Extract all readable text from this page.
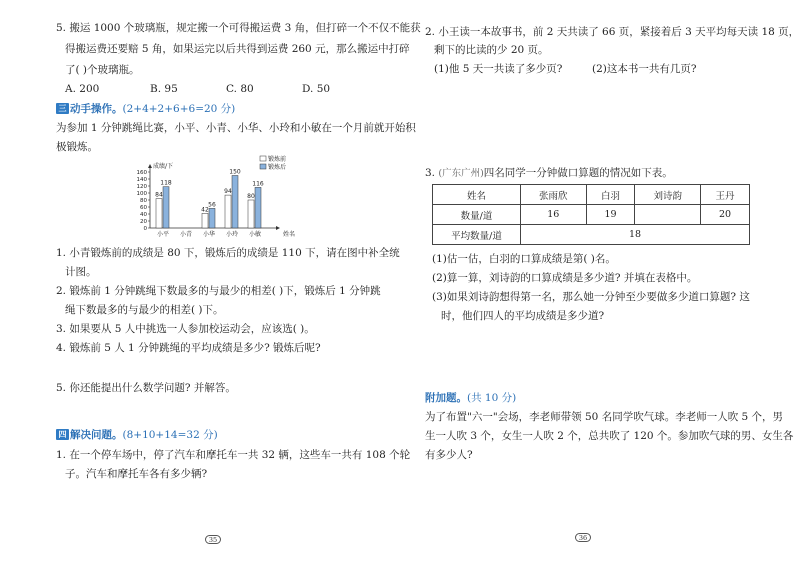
5. 搬运 1000 个玻璃瓶，规定搬一个可得搬运费 3 角，但打碎一个不仅不能获
得搬运费还要赔 5 角，如果运完以后共得到运费 260 元，那么搬运中打碎
了( )个玻璃瓶。
A. 200	B. 95	C. 80	D. 50
三 动手操作。 (2+4+2+6+6=20 分)
为参加 1 分钟跳绳比赛，小平、小青、小华、小玲和小敏在一个月前就开始积
极锻炼。
0
20
40
60
80
100
120
140
160
成绩/下
姓名
锻炼前
锻炼后
84
118
小平 小青
42
56
小华
94
150
小玲
80
116
小敏
1. 小青锻炼前的成绩是 80 下，锻炼后的成绩是 110 下，请在图中补全统
计图。
2. 锻炼前 1 分钟跳绳下数最多的与最少的相差( )下，锻炼后 1 分钟跳
绳下数最多的与最少的相差( )下。
3. 如果要从 5 人中挑选一人参加校运动会，应该选( )。
4. 锻炼前 5 人 1 分钟跳绳的平均成绩是多少? 锻炼后呢?
5. 你还能提出什么数学问题? 并解答。
四 解决问题。 (8+10+14=32 分)
1. 在一个停车场中，停了汽车和摩托车一共 32 辆，这些车一共有 108 个轮
子。汽车和摩托车各有多少辆?
35
2. 小王读一本故事书，前 2 天共读了 66 页，紧接着后 3 天平均每天读 18 页，
剩下的比读的少 20 页。
(1)他 5 天一共读了多少页?	(2)这本书一共有几页?
3. (广东广州)四名同学一分钟做口算题的情况如下表。
姓名	张雨欣	白羽	刘诗韵	王丹
数量/道	16	19		20
平均数量/道	18			
(1)估一估，白羽的口算成绩是第( )名。
(2)算一算，刘诗韵的口算成绩是多少道? 并填在表格中。
(3)如果刘诗韵想得第一名，那么她一分钟至少要做多少道口算题? 这
时，他们四人的平均成绩是多少道?
附加题。 (共 10 分)
为了布置"六一"会场，李老师带领 50 名同学吹气球。李老师一人吹 5 个，男
生一人吹 3 个，女生一人吹 2 个，总共吹了 120 个。参加吹气球的男、女生各
有多少人?
36
